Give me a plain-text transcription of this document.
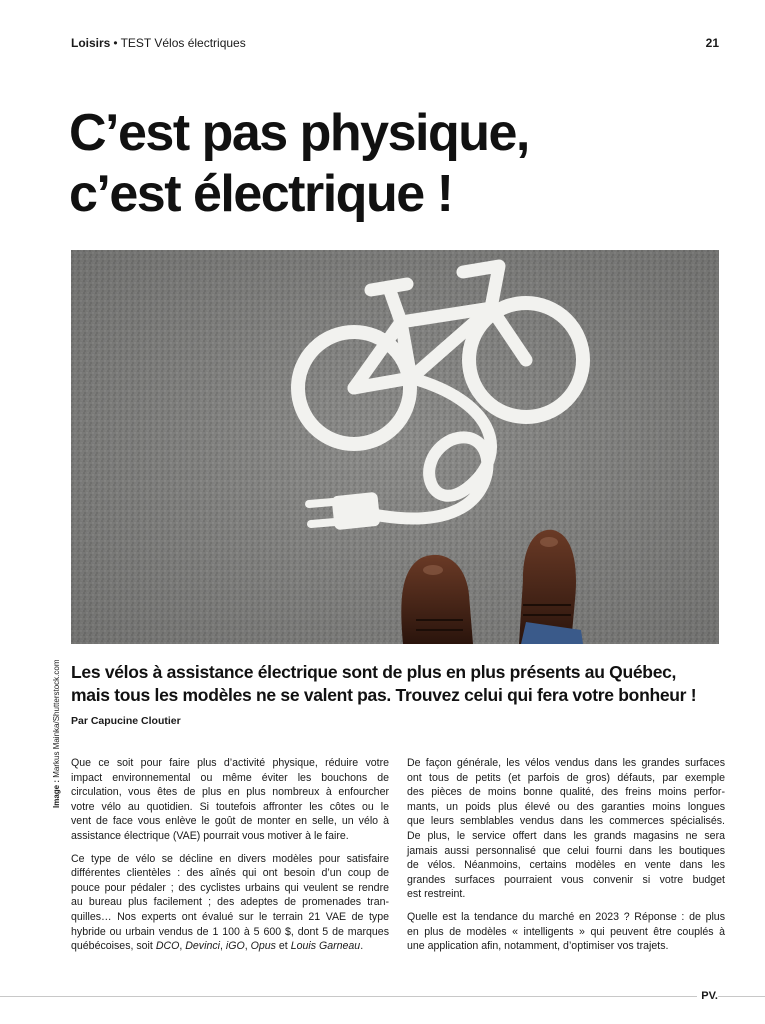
Loisirs • TEST Vélos électriques	21
C’est pas physique,
c’est électrique !
Image : Markus Mainka/Shutterstock.com Les vélos à assistance électrique sont de plus en plus présents au Québec,
mais tous les modèles ne se valent pas. Trouvez celui qui fera votre bonheur !
Par Capucine Cloutier

Que ce soit pour faire plus d’activité physique, réduire votre
impact environnemental ou même éviter les bouchons de
circulation, vous êtes de plus en plus nombreux à enfourcher
votre vélo au quotidien. Si toutefois affronter les côtes ou le
vent de face vous enlève le goût de monter en selle, un vélo à
assistance électrique (VAE) pourrait vous motiver à le faire.

Ce type de vélo se décline en divers modèles pour satisfaire
différentes clientèles : des aînés qui ont besoin d’un coup de
pouce pour pédaler ; des cyclistes urbains qui veulent se rendre
au bureau plus facilement ; des adeptes de promenades tran-
quilles… Nos experts ont évalué sur le terrain 21 VAE de type
hybride ou urbain vendus de 1 100 à 5 600 $, dont 5 de marques
québécoises, soit DCO, Devinci, iGO, Opus et Louis Garneau.

De façon générale, les vélos vendus dans les grandes surfaces
ont tous de petits (et parfois de gros) défauts, par exemple
des pièces de moins bonne qualité, des freins moins perfor-
mants, un poids plus élevé ou des garanties moins longues
que leurs semblables vendus dans les commerces spécialisés.
De plus, le service offert dans les grands magasins ne sera
jamais aussi personnalisé que celui fourni dans les boutiques
de vélos. Néanmoins, certains modèles en vente dans les
grandes surfaces pourraient vous convenir si votre budget
est restreint.

Quelle est la tendance du marché en 2023 ? Réponse : de plus
en plus de modèles « intelligents » qui peuvent être couplés à
une application afin, notamment, d’optimiser vos trajets.

PV.
